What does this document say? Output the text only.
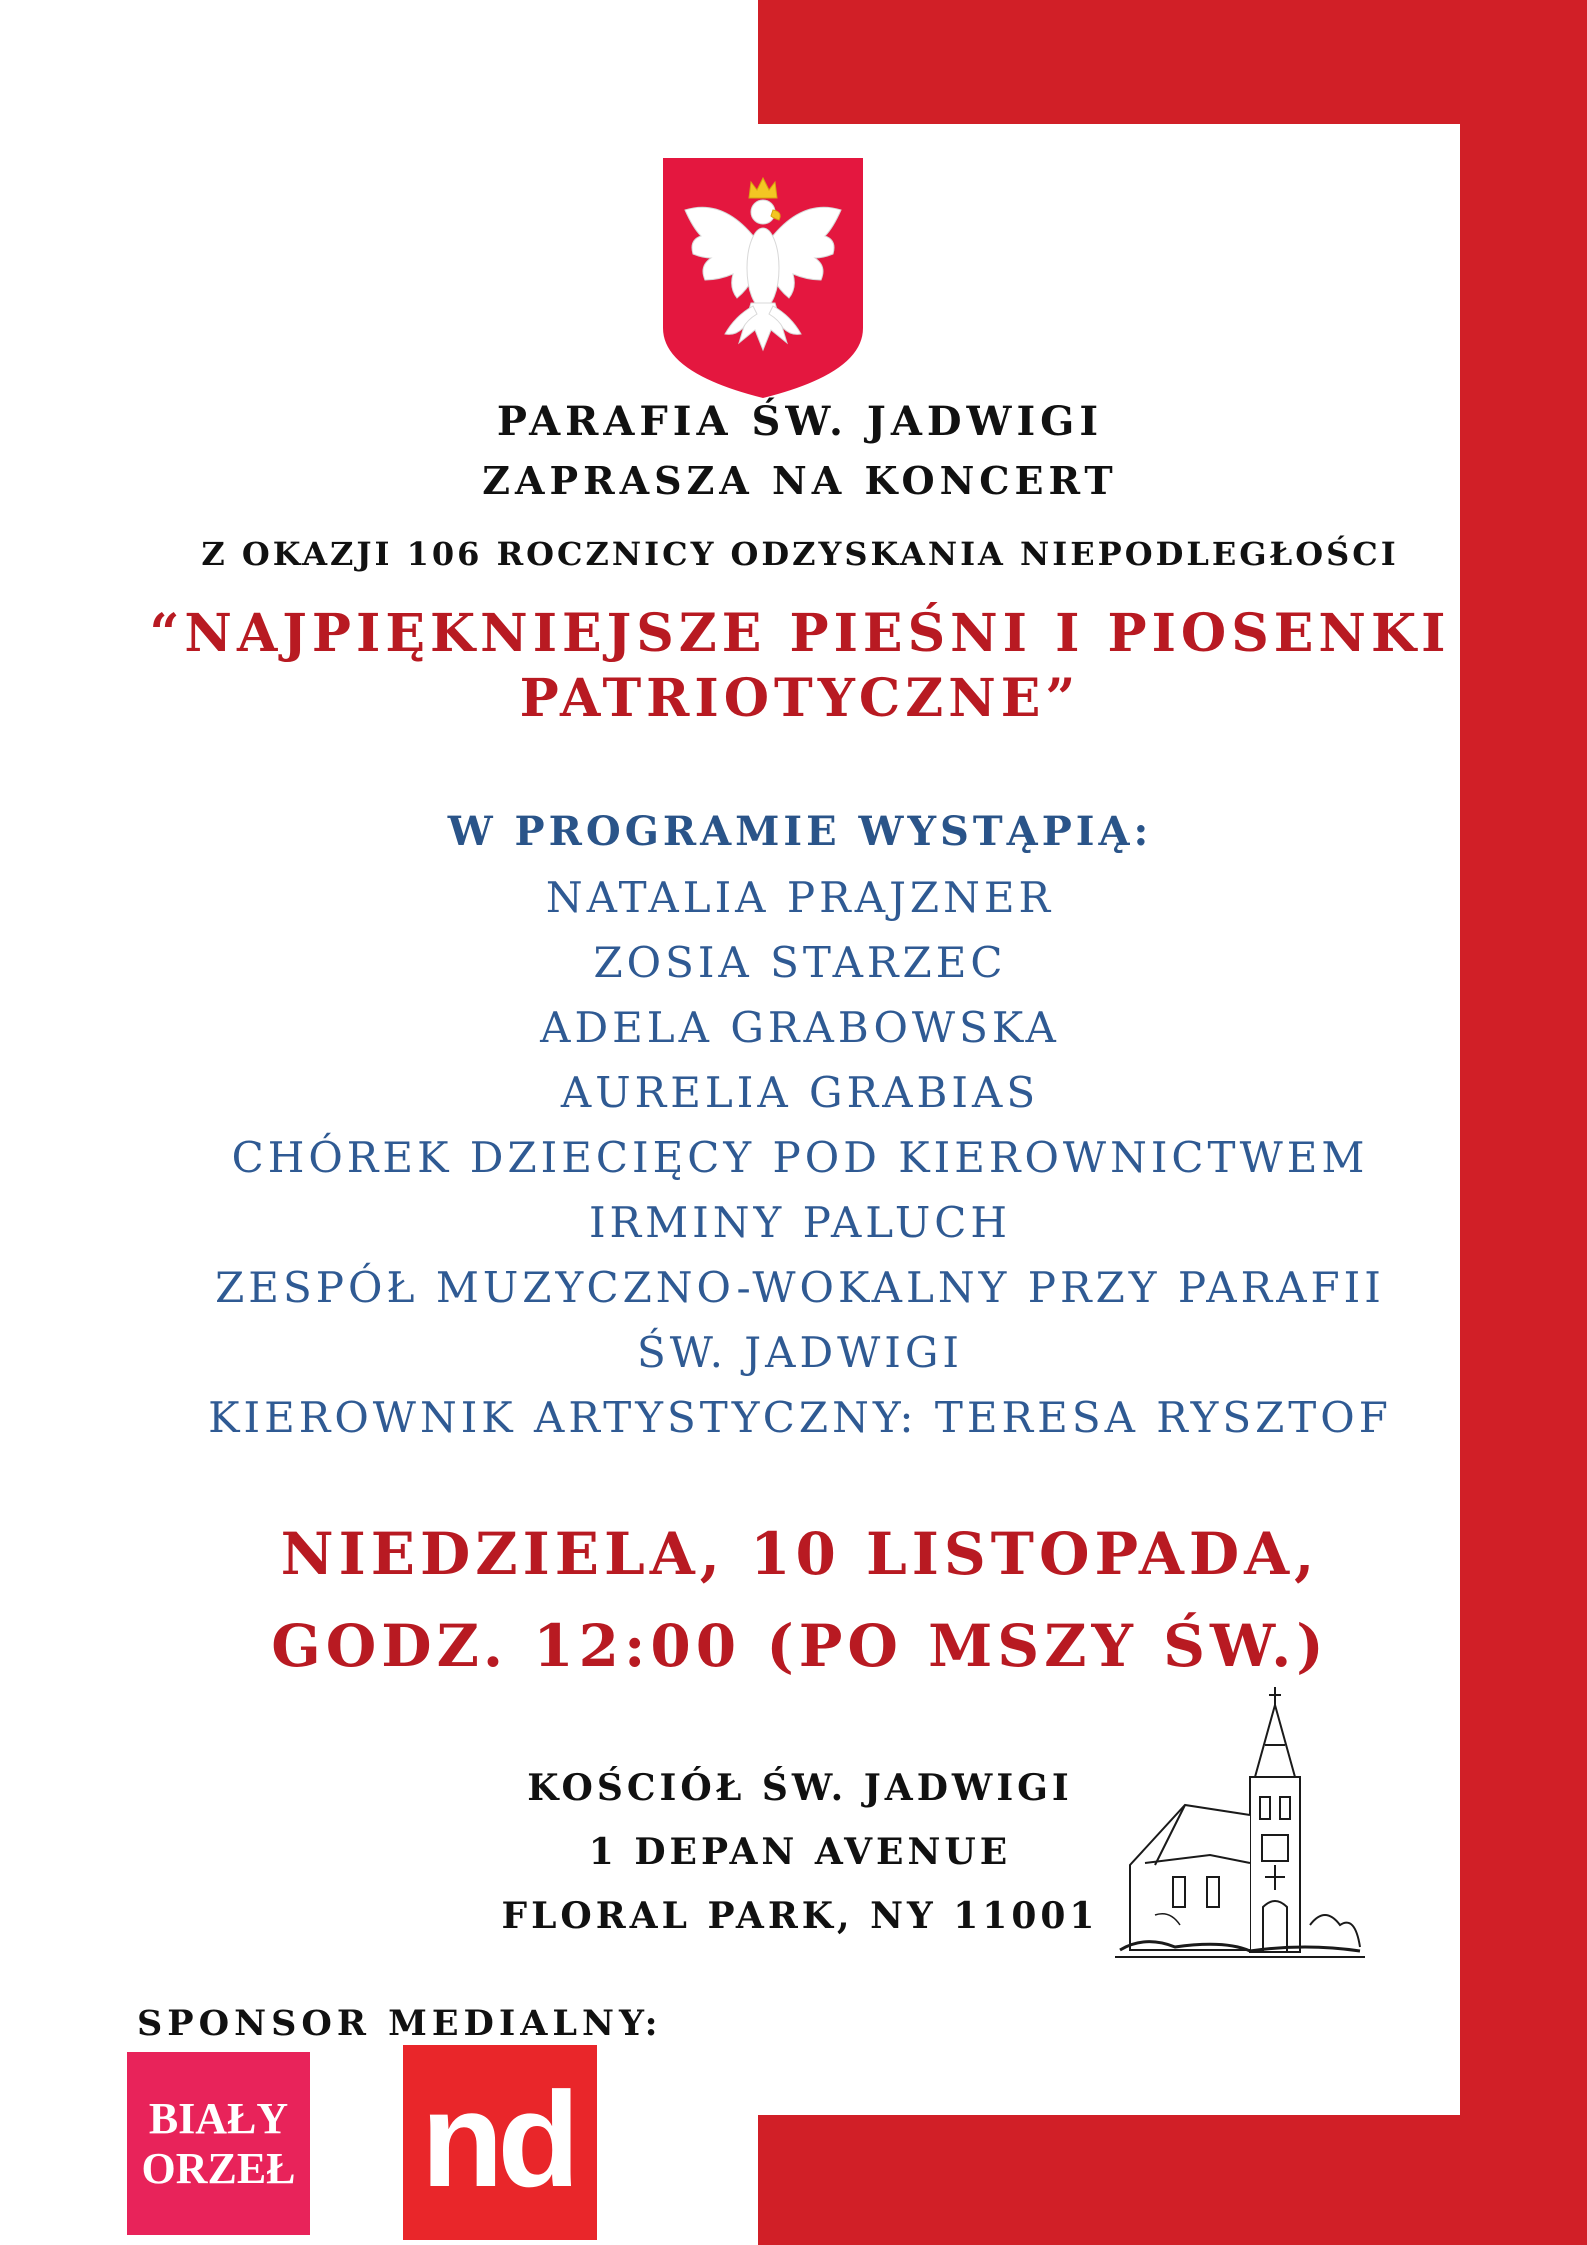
PARAFIA ŚW. JADWIGI
ZAPRASZA NA KONCERT
Z OKAZJI 106 ROCZNICY ODZYSKANIA NIEPODLEGŁOŚCI
“NAJPIĘKNIEJSZE PIEŚNI I PIOSENKI
PATRIOTYCZNE”
W PROGRAMIE WYSTĄPIĄ:
NATALIA PRAJZNER
ZOSIA STARZEC
ADELA GRABOWSKA
AURELIA GRABIAS
CHÓREK DZIECIĘCY POD KIEROWNICTWEM
IRMINY PALUCH
ZESPÓŁ MUZYCZNO-WOKALNY PRZY PARAFII
ŚW. JADWIGI
KIEROWNIK ARTYSTYCZNY: TERESA RYSZTOF
NIEDZIELA, 10 LISTOPADA,
GODZ. 12:00 (PO MSZY ŚW.)
KOŚCIÓŁ ŚW. JADWIGI
1 DEPAN AVENUE
FLORAL PARK, NY 11001
SPONSOR MEDIALNY:
BIAŁY
ORZEŁ nd
